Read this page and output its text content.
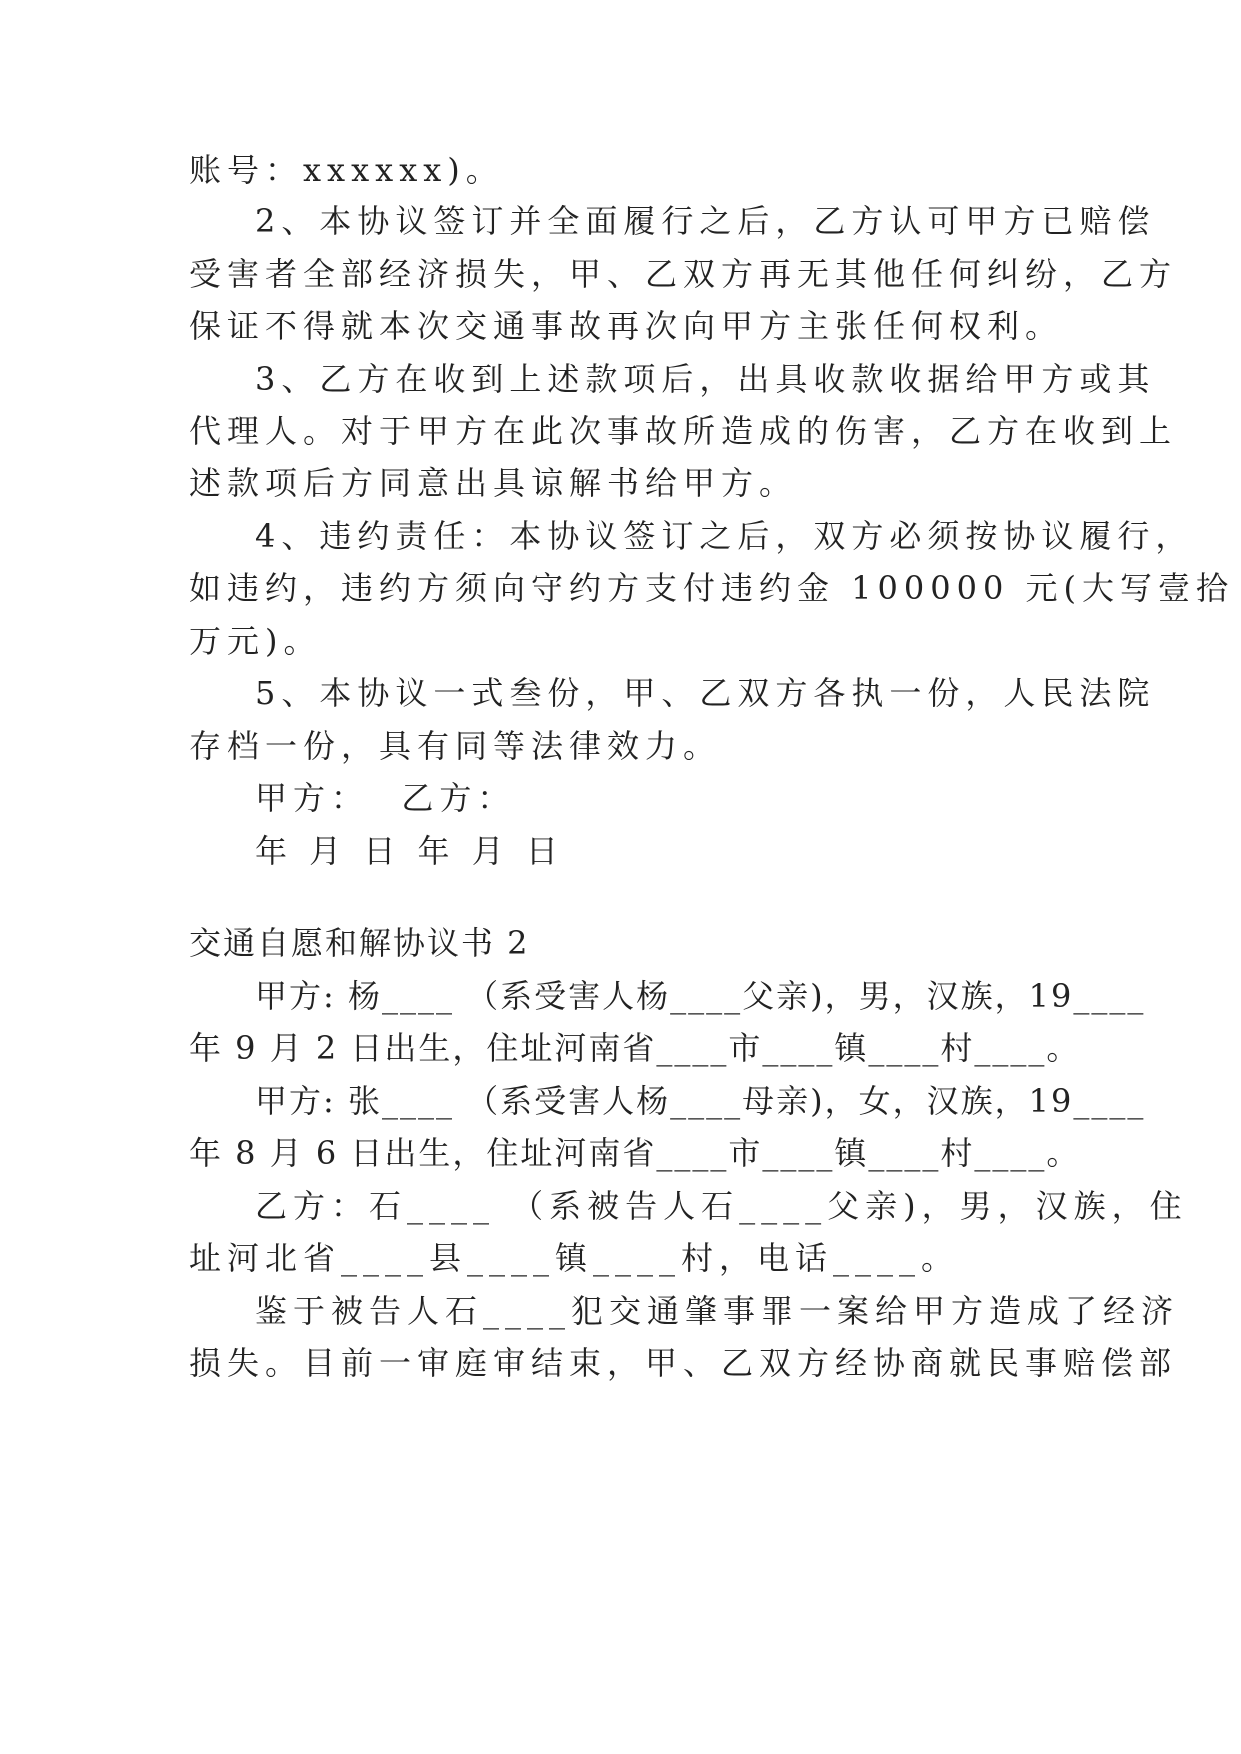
账号：xxxxxx)。
2、本协议签订并全面履行之后，乙方认可甲方已赔偿
受害者全部经济损失，甲、乙双方再无其他任何纠纷，乙方
保证不得就本次交通事故再次向甲方主张任何权利。
3、乙方在收到上述款项后，出具收款收据给甲方或其
代理人。对于甲方在此次事故所造成的伤害，乙方在收到上
述款项后方同意出具谅解书给甲方。
4、违约责任：本协议签订之后，双方必须按协议履行，
如违约，违约方须向守约方支付违约金 100000 元(大写壹拾
万元)。
5、本协议一式叁份，甲、乙双方各执一份，人民法院
存档一份，具有同等法律效力。
甲方：  乙方：
年 月 日 年 月 日
交通自愿和解协议书 2
甲方: 杨____ （系受害人杨____父亲)，男，汉族，19____
年 9 月 2 日出生，住址河南省____市____镇____村____。
甲方: 张____ （系受害人杨____母亲)，女，汉族，19____
年 8 月 6 日出生，住址河南省____市____镇____村____。
乙方：石____ （系被告人石____父亲)，男，汉族，住
址河北省____县____镇____村，电话____。
鉴于被告人石____犯交通肇事罪一案给甲方造成了经济
损失。目前一审庭审结束，甲、乙双方经协商就民事赔偿部
